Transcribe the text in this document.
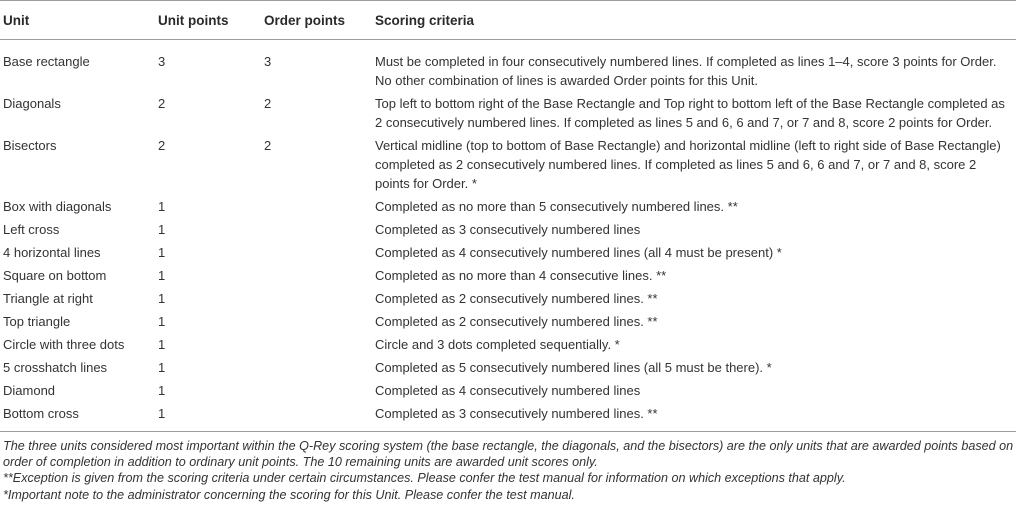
Unit	Unit points	Order points	Scoring criteria
Base rectangle	3	3	Must be completed in four consecutively numbered lines. If completed as lines 1–4, score 3 points for Order. No other combination of lines is awarded Order points for this Unit.
Diagonals	2	2	Top left to bottom right of the Base Rectangle and Top right to bottom left of the Base Rectangle completed as 2 consecutively numbered lines. If completed as lines 5 and 6, 6 and 7, or 7 and 8, score 2 points for Order.
Bisectors	2	2	Vertical midline (top to bottom of Base Rectangle) and horizontal midline (left to right side of Base Rectangle) completed as 2 consecutively numbered lines. If completed as lines 5 and 6, 6 and 7, or 7 and 8, score 2 points for Order. *
Box with diagonals	1		Completed as no more than 5 consecutively numbered lines. **
Left cross	1		Completed as 3 consecutively numbered lines
4 horizontal lines	1		Completed as 4 consecutively numbered lines (all 4 must be present) *
Square on bottom	1		Completed as no more than 4 consecutive lines. **
Triangle at right	1		Completed as 2 consecutively numbered lines. **
Top triangle	1		Completed as 2 consecutively numbered lines. **
Circle with three dots	1		Circle and 3 dots completed sequentially. *
5 crosshatch lines	1		Completed as 5 consecutively numbered lines (all 5 must be there). *
Diamond	1		Completed as 4 consecutively numbered lines
Bottom cross	1		Completed as 3 consecutively numbered lines. **

The three units considered most important within the Q-Rey scoring system (the base rectangle, the diagonals, and the bisectors) are the only units that are awarded points based on order of completion in addition to ordinary unit points. The 10 remaining units are awarded unit scores only.

**Exception is given from the scoring criteria under certain circumstances. Please confer the test manual for information on which exceptions that apply.

*Important note to the administrator concerning the scoring for this Unit. Please confer the test manual.
